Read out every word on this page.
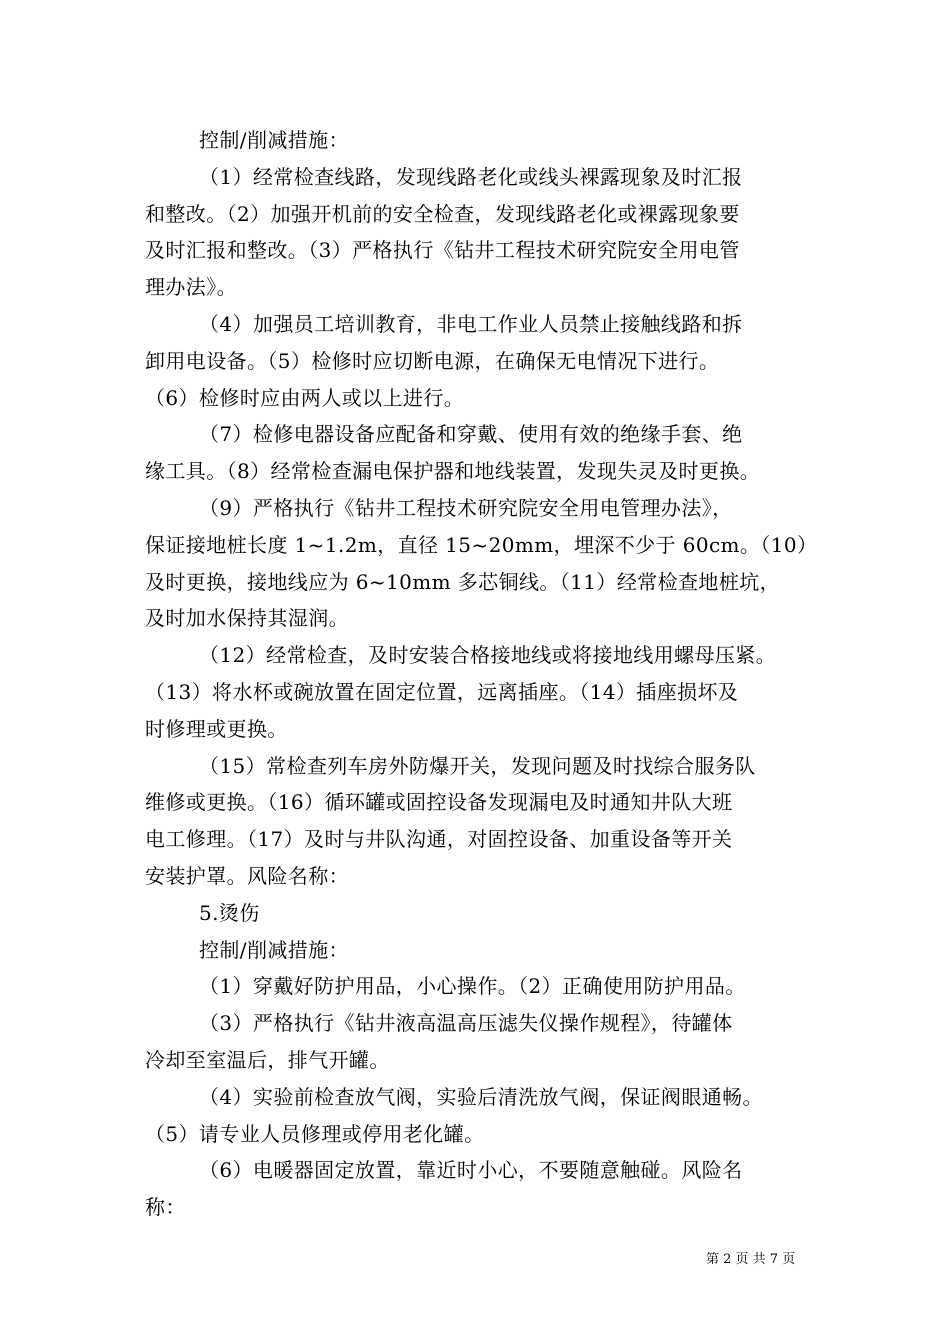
控制/削减措施：
（1）经常检查线路，发现线路老化或线头裸露现象及时汇报
和整改。（2）加强开机前的安全检查，发现线路老化或裸露现象要
及时汇报和整改。（3）严格执行《钻井工程技术研究院安全用电管
理办法》。
（4）加强员工培训教育，非电工作业人员禁止接触线路和拆
卸用电设备。（5）检修时应切断电源，在确保无电情况下进行。
（6）检修时应由两人或以上进行。
（7）检修电器设备应配备和穿戴、使用有效的绝缘手套、绝
缘工具。（8）经常检查漏电保护器和地线装置，发现失灵及时更换。
（9）严格执行《钻井工程技术研究院安全用电管理办法》，
保证接地桩长度 1~1.2m，直径 15~20mm，埋深不少于 60cm。（10）
及时更换，接地线应为 6~10mm 多芯铜线。（11）经常检查地桩坑，
及时加水保持其湿润。
（12）经常检查，及时安装合格接地线或将接地线用螺母压紧。
（13）将水杯或碗放置在固定位置，远离插座。（14）插座损坏及
时修理或更换。
（15）常检查列车房外防爆开关，发现问题及时找综合服务队
维修或更换。（16）循环罐或固控设备发现漏电及时通知井队大班
电工修理。（17）及时与井队沟通，对固控设备、加重设备等开关
安装护罩。风险名称：
5.烫伤
控制/削减措施：
（1）穿戴好防护用品，小心操作。（2）正确使用防护用品。
（3）严格执行《钻井液高温高压滤失仪操作规程》，待罐体
冷却至室温后，排气开罐。
（4）实验前检查放气阀，实验后清洗放气阀，保证阀眼通畅。
（5）请专业人员修理或停用老化罐。
（6）电暖器固定放置，靠近时小心，不要随意触碰。风险名
称：
第 2 页 共 7 页
